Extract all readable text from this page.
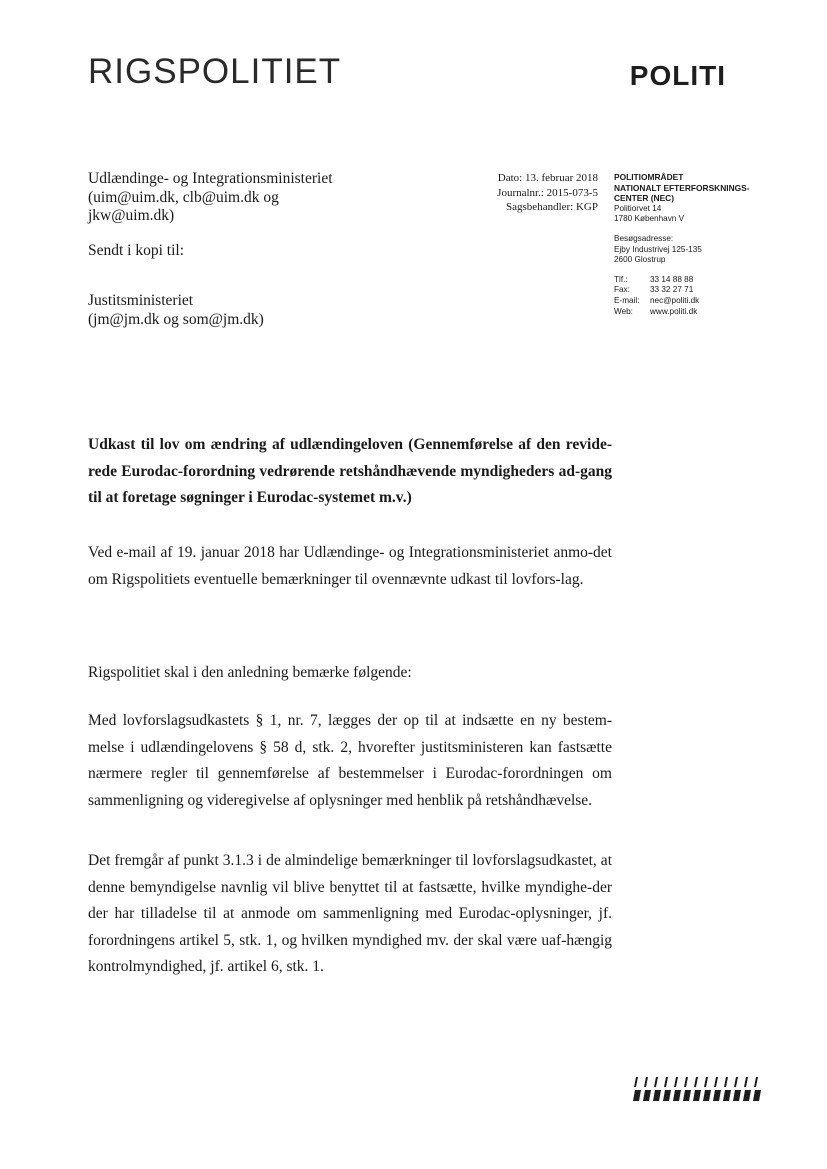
RIGSPOLITIET	POLITI

Udlændinge- og Integrationsministeriet

(uim@uim.dk, clb@uim.dk og

jkw@uim.dk)

Sendt i kopi til:

Justitsministeriet

(jm@jm.dk og som@jm.dk)

Dato: 13. februar 2018

Journalnr.: 2015-073-5

Sagsbehandler: KGP

POLITIOMRÅDET

NATIONALT EFTERFORSKNINGS-

CENTER (NEC)

Politiorvet 14

1780 København V

Besøgsadresse:

Ejby Industrivej 125-135

2600 Glostrup

Tlf.:	33 14 88 88
Fax:	33 32 27 71
E-mail:	nec@politi.dk
Web:	www.politi.dk

Udkast til lov om ændring af udlændingeloven (Gennemførelse af den revide-rede Eurodac-forordning vedrørende retshåndhævende myndigheders ad-gang til at foretage søgninger i Eurodac-systemet m.v.)

Ved e-mail af 19. januar 2018 har Udlændinge- og Integrationsministeriet anmo-det om Rigspolitiets eventuelle bemærkninger til ovennævnte udkast til lovfors-lag.

Rigspolitiet skal i den anledning bemærke følgende:

Med lovforslagsudkastets § 1, nr. 7, lægges der op til at indsætte en ny bestem-melse i udlændingelovens § 58 d, stk. 2, hvorefter justitsministeren kan fastsætte nærmere regler til gennemførelse af bestemmelser i Eurodac-forordningen om sammenligning og videregivelse af oplysninger med henblik på retshåndhævelse.

Det fremgår af punkt 3.1.3 i de almindelige bemærkninger til lovforslagsudkastet, at denne bemyndigelse navnlig vil blive benyttet til at fastsætte, hvilke myndighe-der der har tilladelse til at anmode om sammenligning med Eurodac-oplysninger, jf. forordningens artikel 5, stk. 1, og hvilken myndighed mv. der skal være uaf-hængig kontrolmyndighed, jf. artikel 6, stk. 1.
